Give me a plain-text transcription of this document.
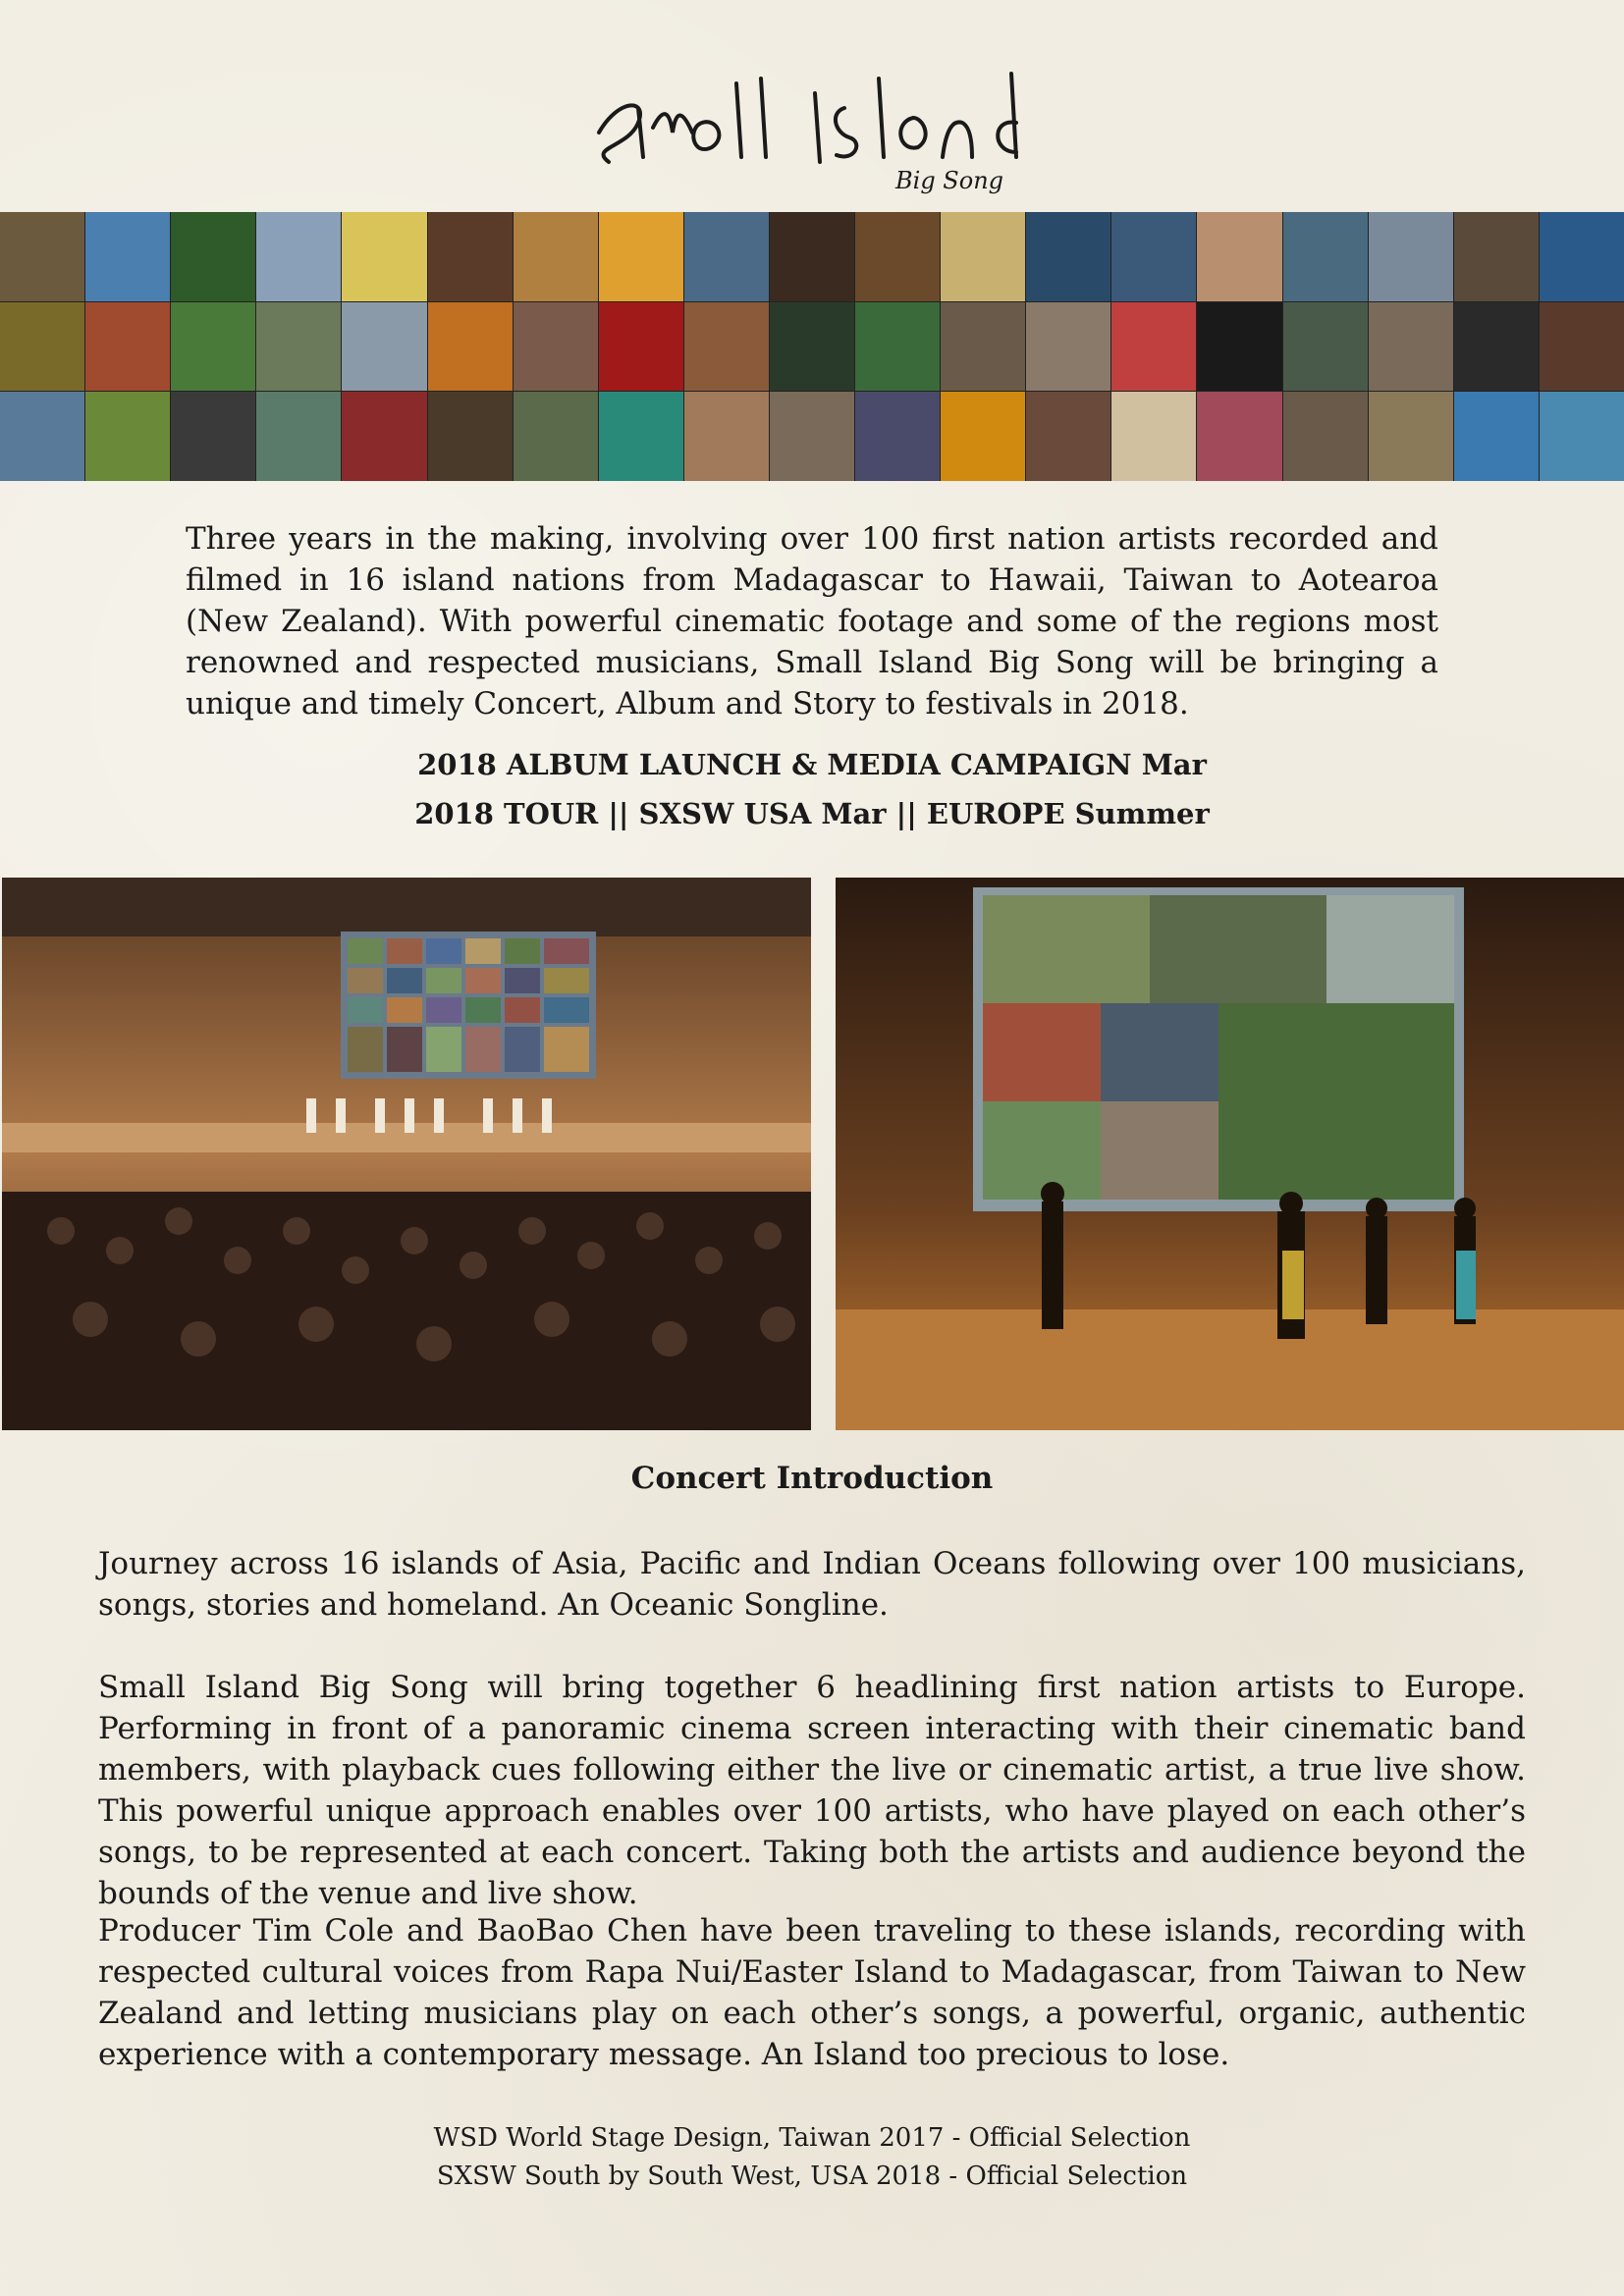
Big Song

Three years in the making, involving over 100 first nation artists recorded and filmed in 16 island nations from Madagascar to Hawaii, Taiwan to Aotearoa (New Zealand). With powerful cinematic footage and some of the regions most renowned and respected musicians, Small Island Big Song will be bringing a unique and timely Concert, Album and Story to festivals in 2018.

2018 ALBUM LAUNCH & MEDIA CAMPAIGN Mar
2018 TOUR || SXSW USA Mar || EUROPE Summer
Concert Introduction

Journey across 16 islands of Asia, Pacific and Indian Oceans following over 100 musicians, songs, stories and homeland. An Oceanic Songline.

Small Island Big Song will bring together 6 headlining first nation artists to Europe. Performing in front of a panoramic cinema screen interacting with their cinematic band members, with playback cues following either the live or cinematic artist, a true live show. This powerful unique approach enables over 100 artists, who have played on each other’s songs, to be represented at each concert. Taking both the artists and audience beyond the bounds of the venue and live show.

Producer Tim Cole and BaoBao Chen have been traveling to these islands, recording with respected cultural voices from Rapa Nui/Easter Island to Madagascar, from Taiwan to New Zealand and letting musicians play on each other’s songs, a powerful, organic, authentic experience with a contemporary message. An Island too precious to lose.

WSD World Stage Design, Taiwan 2017 - Official Selection
SXSW South by South West, USA 2018 - Official Selection
